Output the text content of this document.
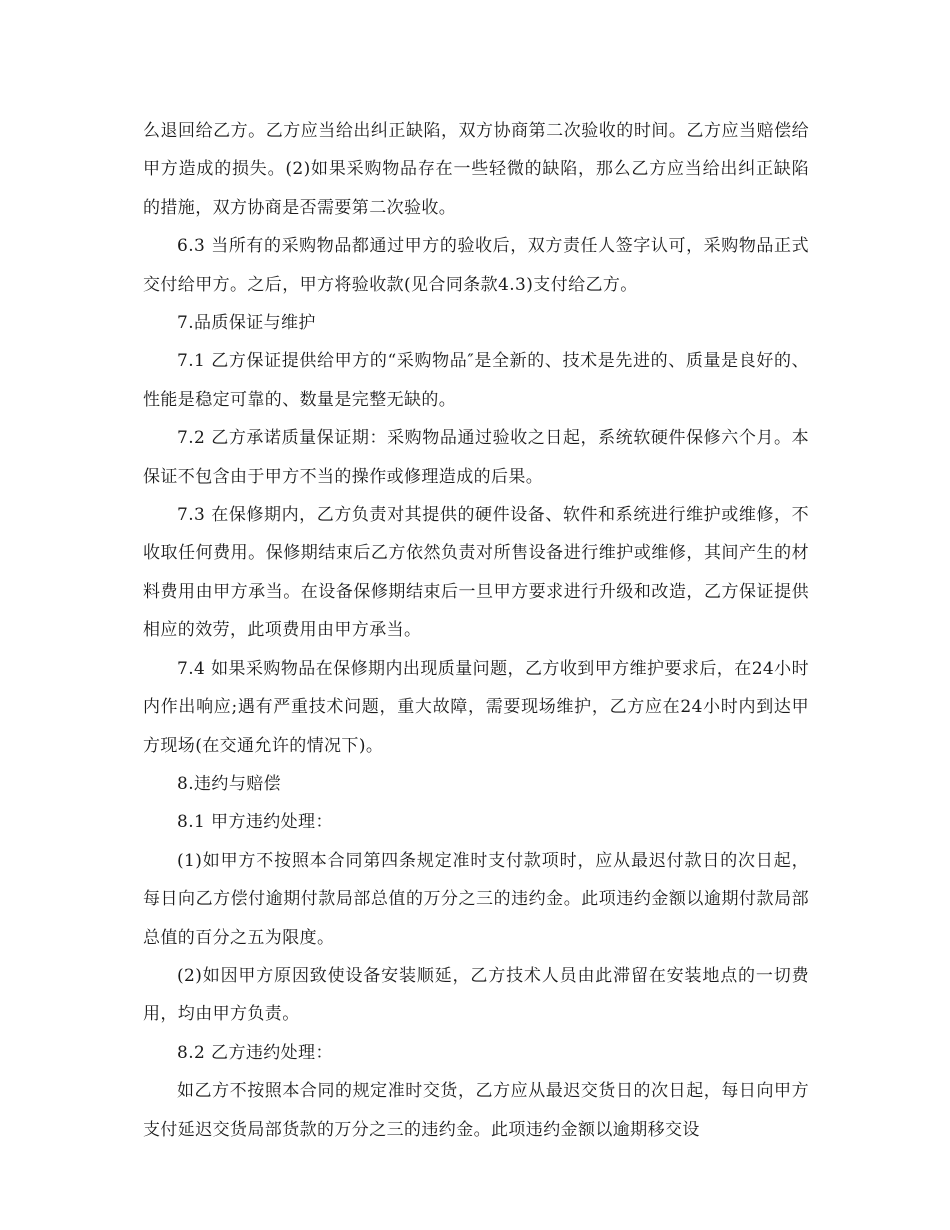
么退回给乙方。乙方应当给出纠正缺陷，双方协商第二次验收的时间。乙方应当赔偿给甲方造成的损失。(2)如果采购物品存在一些轻微的缺陷，那么乙方应当给出纠正缺陷的措施，双方协商是否需要第二次验收。

6.3 当所有的采购物品都通过甲方的验收后，双方责任人签字认可，采购物品正式交付给甲方。之后，甲方将验收款(见合同条款4.3)支付给乙方。

7.品质保证与维护

7.1 乙方保证提供给甲方的“采购物品″是全新的、技术是先进的、质量是良好的、性能是稳定可靠的、数量是完整无缺的。

7.2 乙方承诺质量保证期：采购物品通过验收之日起，系统软硬件保修六个月。本保证不包含由于甲方不当的操作或修理造成的后果。

7.3 在保修期内，乙方负责对其提供的硬件设备、软件和系统进行维护或维修，不收取任何费用。保修期结束后乙方依然负责对所售设备进行维护或维修，其间产生的材料费用由甲方承当。在设备保修期结束后一旦甲方要求进行升级和改造，乙方保证提供相应的效劳，此项费用由甲方承当。

7.4 如果采购物品在保修期内出现质量问题，乙方收到甲方维护要求后，在24小时内作出响应;遇有严重技术问题，重大故障，需要现场维护，乙方应在24小时内到达甲方现场(在交通允许的情况下)。

8.违约与赔偿

8.1 甲方违约处理：

(1)如甲方不按照本合同第四条规定准时支付款项时，应从最迟付款日的次日起，每日向乙方偿付逾期付款局部总值的万分之三的违约金。此项违约金额以逾期付款局部总值的百分之五为限度。

(2)如因甲方原因致使设备安装顺延，乙方技术人员由此滞留在安装地点的一切费用，均由甲方负责。

8.2 乙方违约处理：

如乙方不按照本合同的规定准时交货，乙方应从最迟交货日的次日起，每日向甲方支付延迟交货局部货款的万分之三的违约金。此项违约金额以逾期移交设
